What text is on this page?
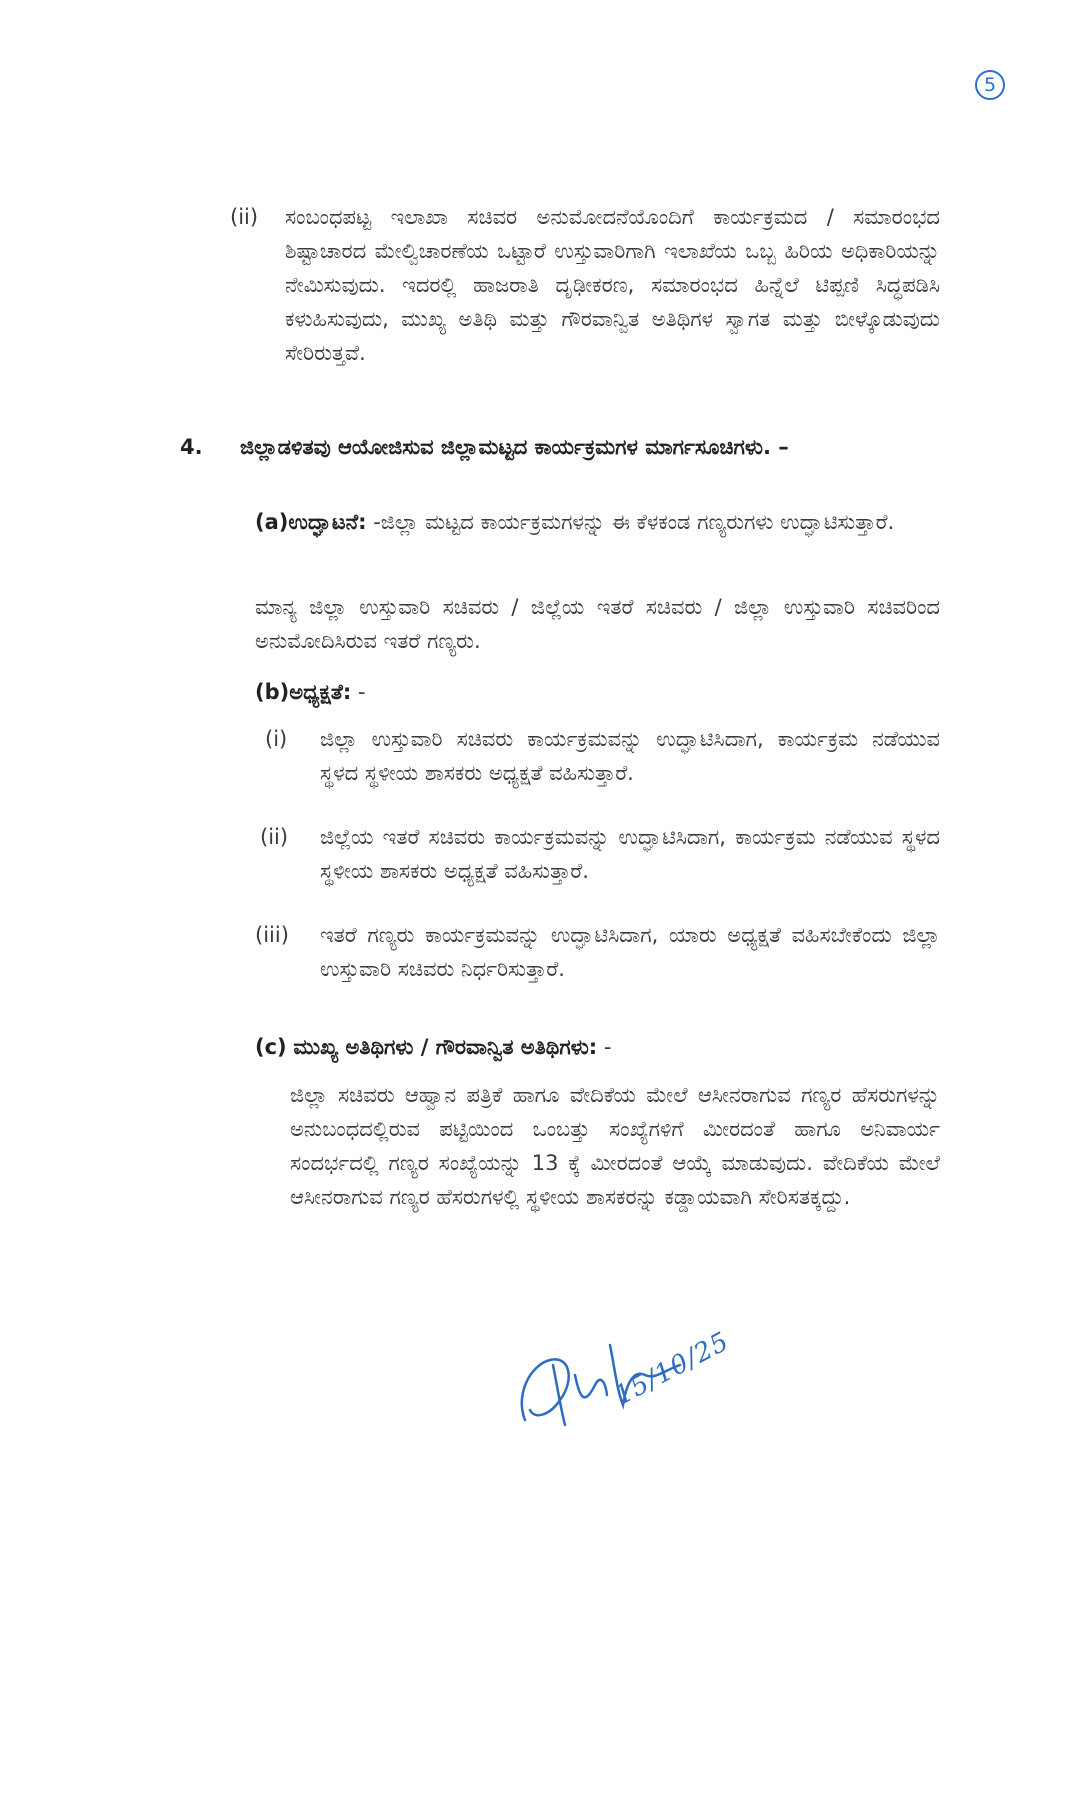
5
(ii) ಸಂಬಂಧಪಟ್ಟ ಇಲಾಖಾ ಸಚಿವರ ಅನುಮೋದನೆಯೊಂದಿಗೆ ಕಾರ್ಯಕ್ರಮದ / ಸಮಾರಂಭದ ಶಿಷ್ಟಾಚಾರದ ಮೇಲ್ವಿಚಾರಣೆಯ ಒಟ್ಟಾರೆ ಉಸ್ತುವಾರಿಗಾಗಿ ಇಲಾಖೆಯ ಒಬ್ಬ ಹಿರಿಯ ಅಧಿಕಾರಿಯನ್ನು ನೇಮಿಸುವುದು. ಇದರಲ್ಲಿ ಹಾಜರಾತಿ ದೃಢೀಕರಣ, ಸಮಾರಂಭದ ಹಿನ್ನೆಲೆ ಟಿಪ್ಪಣಿ ಸಿದ್ಧಪಡಿಸಿ ಕಳುಹಿಸುವುದು, ಮುಖ್ಯ ಅತಿಥಿ ಮತ್ತು ಗೌರವಾನ್ವಿತ ಅತಿಥಿಗಳ ಸ್ವಾಗತ ಮತ್ತು ಬೀಳ್ಕೊಡುವುದು ಸೇರಿರುತ್ತವೆ.
4. ಜಿಲ್ಲಾಡಳಿತವು ಆಯೋಜಿಸುವ ಜಿಲ್ಲಾಮಟ್ಟದ ಕಾರ್ಯಕ್ರಮಗಳ ಮಾರ್ಗಸೂಚಿಗಳು. –
(a)ಉದ್ಘಾಟನೆ: -ಜಿಲ್ಲಾ ಮಟ್ಟದ ಕಾರ್ಯಕ್ರಮಗಳನ್ನು ಈ ಕೆಳಕಂಡ ಗಣ್ಯರುಗಳು ಉದ್ಘಾಟಿಸುತ್ತಾರೆ.
ಮಾನ್ಯ ಜಿಲ್ಲಾ ಉಸ್ತುವಾರಿ ಸಚಿವರು / ಜಿಲ್ಲೆಯ ಇತರೆ ಸಚಿವರು / ಜಿಲ್ಲಾ ಉಸ್ತುವಾರಿ ಸಚಿವರಿಂದ ಅನುಮೋದಿಸಿರುವ ಇತರೆ ಗಣ್ಯರು.
(b)ಅಧ್ಯಕ್ಷತೆ: -
(i) ಜಿಲ್ಲಾ ಉಸ್ತುವಾರಿ ಸಚಿವರು ಕಾರ್ಯಕ್ರಮವನ್ನು ಉದ್ಘಾಟಿಸಿದಾಗ, ಕಾರ್ಯಕ್ರಮ ನಡೆಯುವ ಸ್ಥಳದ ಸ್ಥಳೀಯ ಶಾಸಕರು ಅಧ್ಯಕ್ಷತೆ ವಹಿಸುತ್ತಾರೆ.
(ii) ಜಿಲ್ಲೆಯ ಇತರೆ ಸಚಿವರು ಕಾರ್ಯಕ್ರಮವನ್ನು ಉದ್ಘಾಟಿಸಿದಾಗ, ಕಾರ್ಯಕ್ರಮ ನಡೆಯುವ ಸ್ಥಳದ ಸ್ಥಳೀಯ ಶಾಸಕರು ಅಧ್ಯಕ್ಷತೆ ವಹಿಸುತ್ತಾರೆ.
(iii) ಇತರೆ ಗಣ್ಯರು ಕಾರ್ಯಕ್ರಮವನ್ನು ಉದ್ಘಾಟಿಸಿದಾಗ, ಯಾರು ಅಧ್ಯಕ್ಷತೆ ವಹಿಸಬೇಕೆಂದು ಜಿಲ್ಲಾ ಉಸ್ತುವಾರಿ ಸಚಿವರು ನಿರ್ಧರಿಸುತ್ತಾರೆ.
(c) ಮುಖ್ಯ ಅತಿಥಿಗಳು / ಗೌರವಾನ್ವಿತ ಅತಿಥಿಗಳು: -
ಜಿಲ್ಲಾ ಸಚಿವರು ಆಹ್ವಾನ ಪತ್ರಿಕೆ ಹಾಗೂ ವೇದಿಕೆಯ ಮೇಲೆ ಆಸೀನರಾಗುವ ಗಣ್ಯರ ಹೆಸರುಗಳನ್ನು ಅನುಬಂಧದಲ್ಲಿರುವ ಪಟ್ಟಿಯಿಂದ ಒಂಬತ್ತು ಸಂಖ್ಯೆಗಳಿಗೆ ಮೀರದಂತೆ ಹಾಗೂ ಅನಿವಾರ್ಯ ಸಂದರ್ಭದಲ್ಲಿ ಗಣ್ಯರ ಸಂಖ್ಯೆಯನ್ನು 13 ಕ್ಕೆ ಮೀರದಂತೆ ಆಯ್ಕೆ ಮಾಡುವುದು. ವೇದಿಕೆಯ ಮೇಲೆ ಆಸೀನರಾಗುವ ಗಣ್ಯರ ಹೆಸರುಗಳಲ್ಲಿ ಸ್ಥಳೀಯ ಶಾಸಕರನ್ನು ಕಡ್ಡಾಯವಾಗಿ ಸೇರಿಸತಕ್ಕದ್ದು.
15/10/25
